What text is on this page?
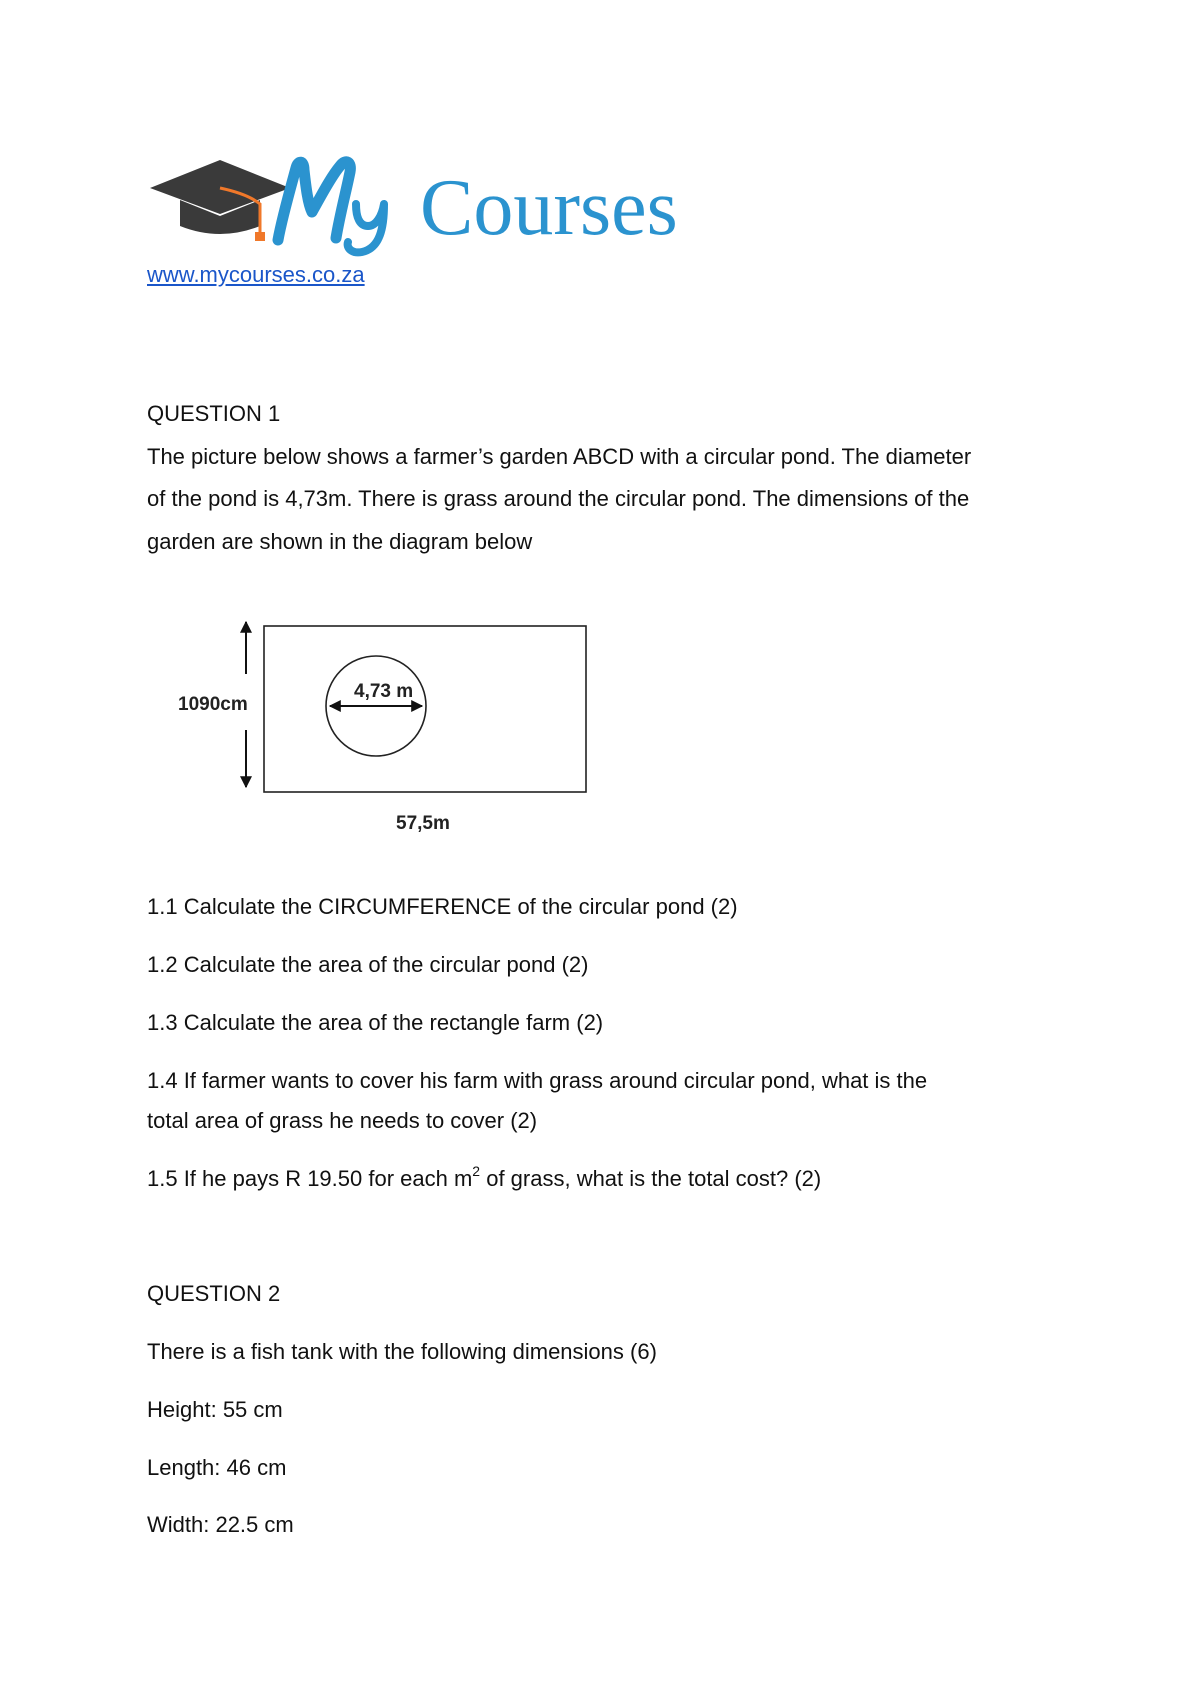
Courses
www.mycourses.co.za

QUESTION 1

The picture below shows a farmer’s garden ABCD with a circular pond. The diameter

of the pond is 4,73m. There is grass around the circular pond. The dimensions of the

garden are shown in the diagram below

4,73 m
1090cm
57,5m

1.1 Calculate the CIRCUMFERENCE of the circular pond (2)

1.2 Calculate the area of the circular pond (2)

1.3 Calculate the area of the rectangle farm (2)

1.4 If farmer wants to cover his farm with grass around circular pond, what is the

total area of grass he needs to cover (2)

1.5 If he pays R 19.50 for each $m^2$ of grass, what is the total cost? (2)

QUESTION 2

There is a fish tank with the following dimensions (6)

Height: 55 cm

Length: 46 cm

Width: 22.5 cm
